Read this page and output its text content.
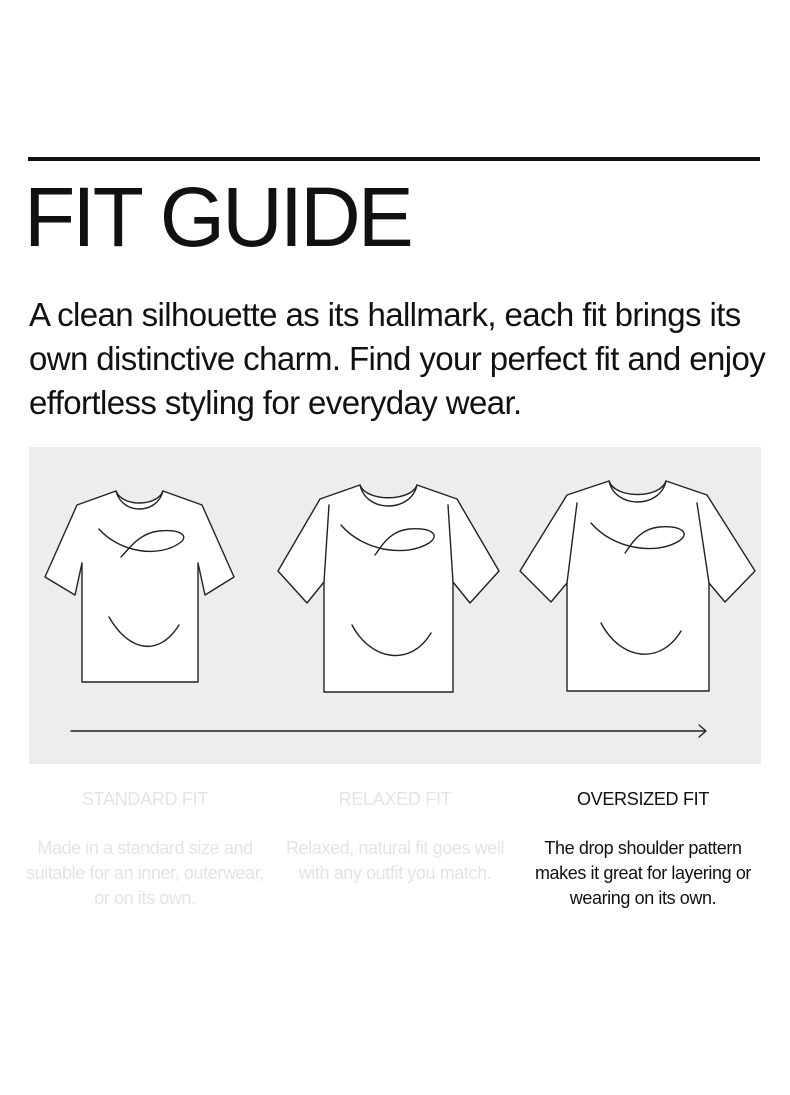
FIT GUIDE

A clean silhouette as its hallmark, each fit brings its own distinctive charm. Find your perfect fit and enjoy effortless styling for everyday wear.

STANDARD FIT

Made in a standard size and suitable for an inner, outerwear, or on its own.

RELAXED FIT

Relaxed, natural fit goes well with any outfit you match.

OVERSIZED FIT

The drop shoulder pattern makes it great for layering or wearing on its own.
